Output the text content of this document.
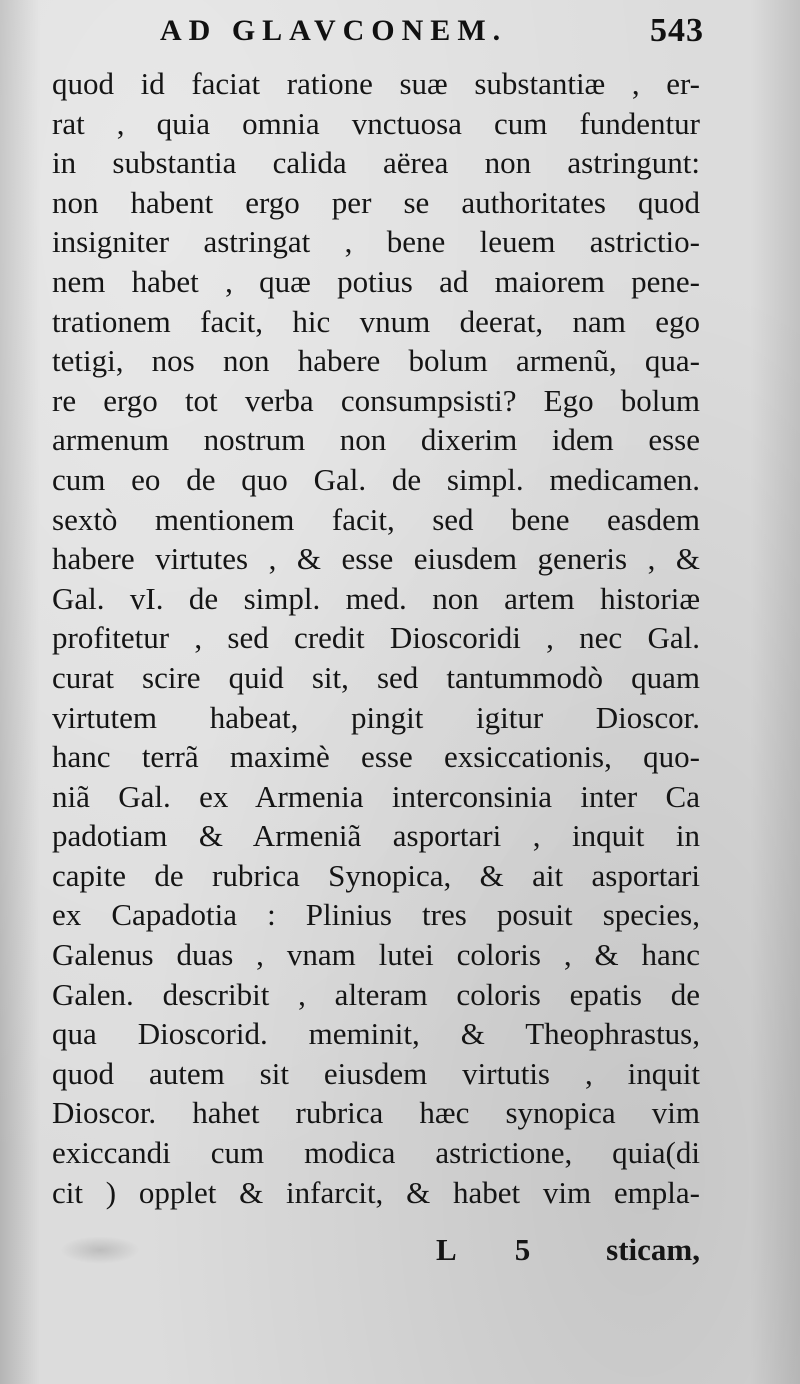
AD GLAVCONEM.	543
quod id faciat ratione suæ substantiæ , er-
rat , quia omnia vnctuosa cum fundentur
in substantia calida aërea non astringunt:
non habent ergo per se authoritates quod
insigniter astringat , bene leuem astrictio-
nem habet , quæ potius ad maiorem pene-
trationem facit, hic vnum deerat, nam ego
tetigi, nos non habere bolum armenũ, qua-
re ergo tot verba consumpsisti? Ego bolum
armenum nostrum non dixerim idem esse
cum eo de quo Gal. de simpl. medicamen.
sextò mentionem facit, sed bene easdem
habere virtutes , & esse eiusdem generis , &
Gal. vI. de simpl. med. non artem historiæ
profitetur , sed credit Dioscoridi , nec Gal.
curat scire quid sit, sed tantummodò quam
virtutem habeat, pingit igitur Dioscor.
hanc terrã maximè esse exsiccationis, quo-
niã Gal. ex Armenia interconsinia inter Ca
padotiam & Armeniã asportari , inquit in
capite de rubrica Synopica, & ait asportari
ex Capadotia : Plinius tres posuit species,
Galenus duas , vnam lutei coloris , & hanc
Galen. describit , alteram coloris epatis de
qua Dioscorid. meminit, & Theophrastus,
quod autem sit eiusdem virtutis , inquit
Dioscor. hahet rubrica hæc synopica vim
exiccandi cum modica astrictione, quia(di
cit ) opplet & infarcit, & habet vim empla-
L 5 sticam,
